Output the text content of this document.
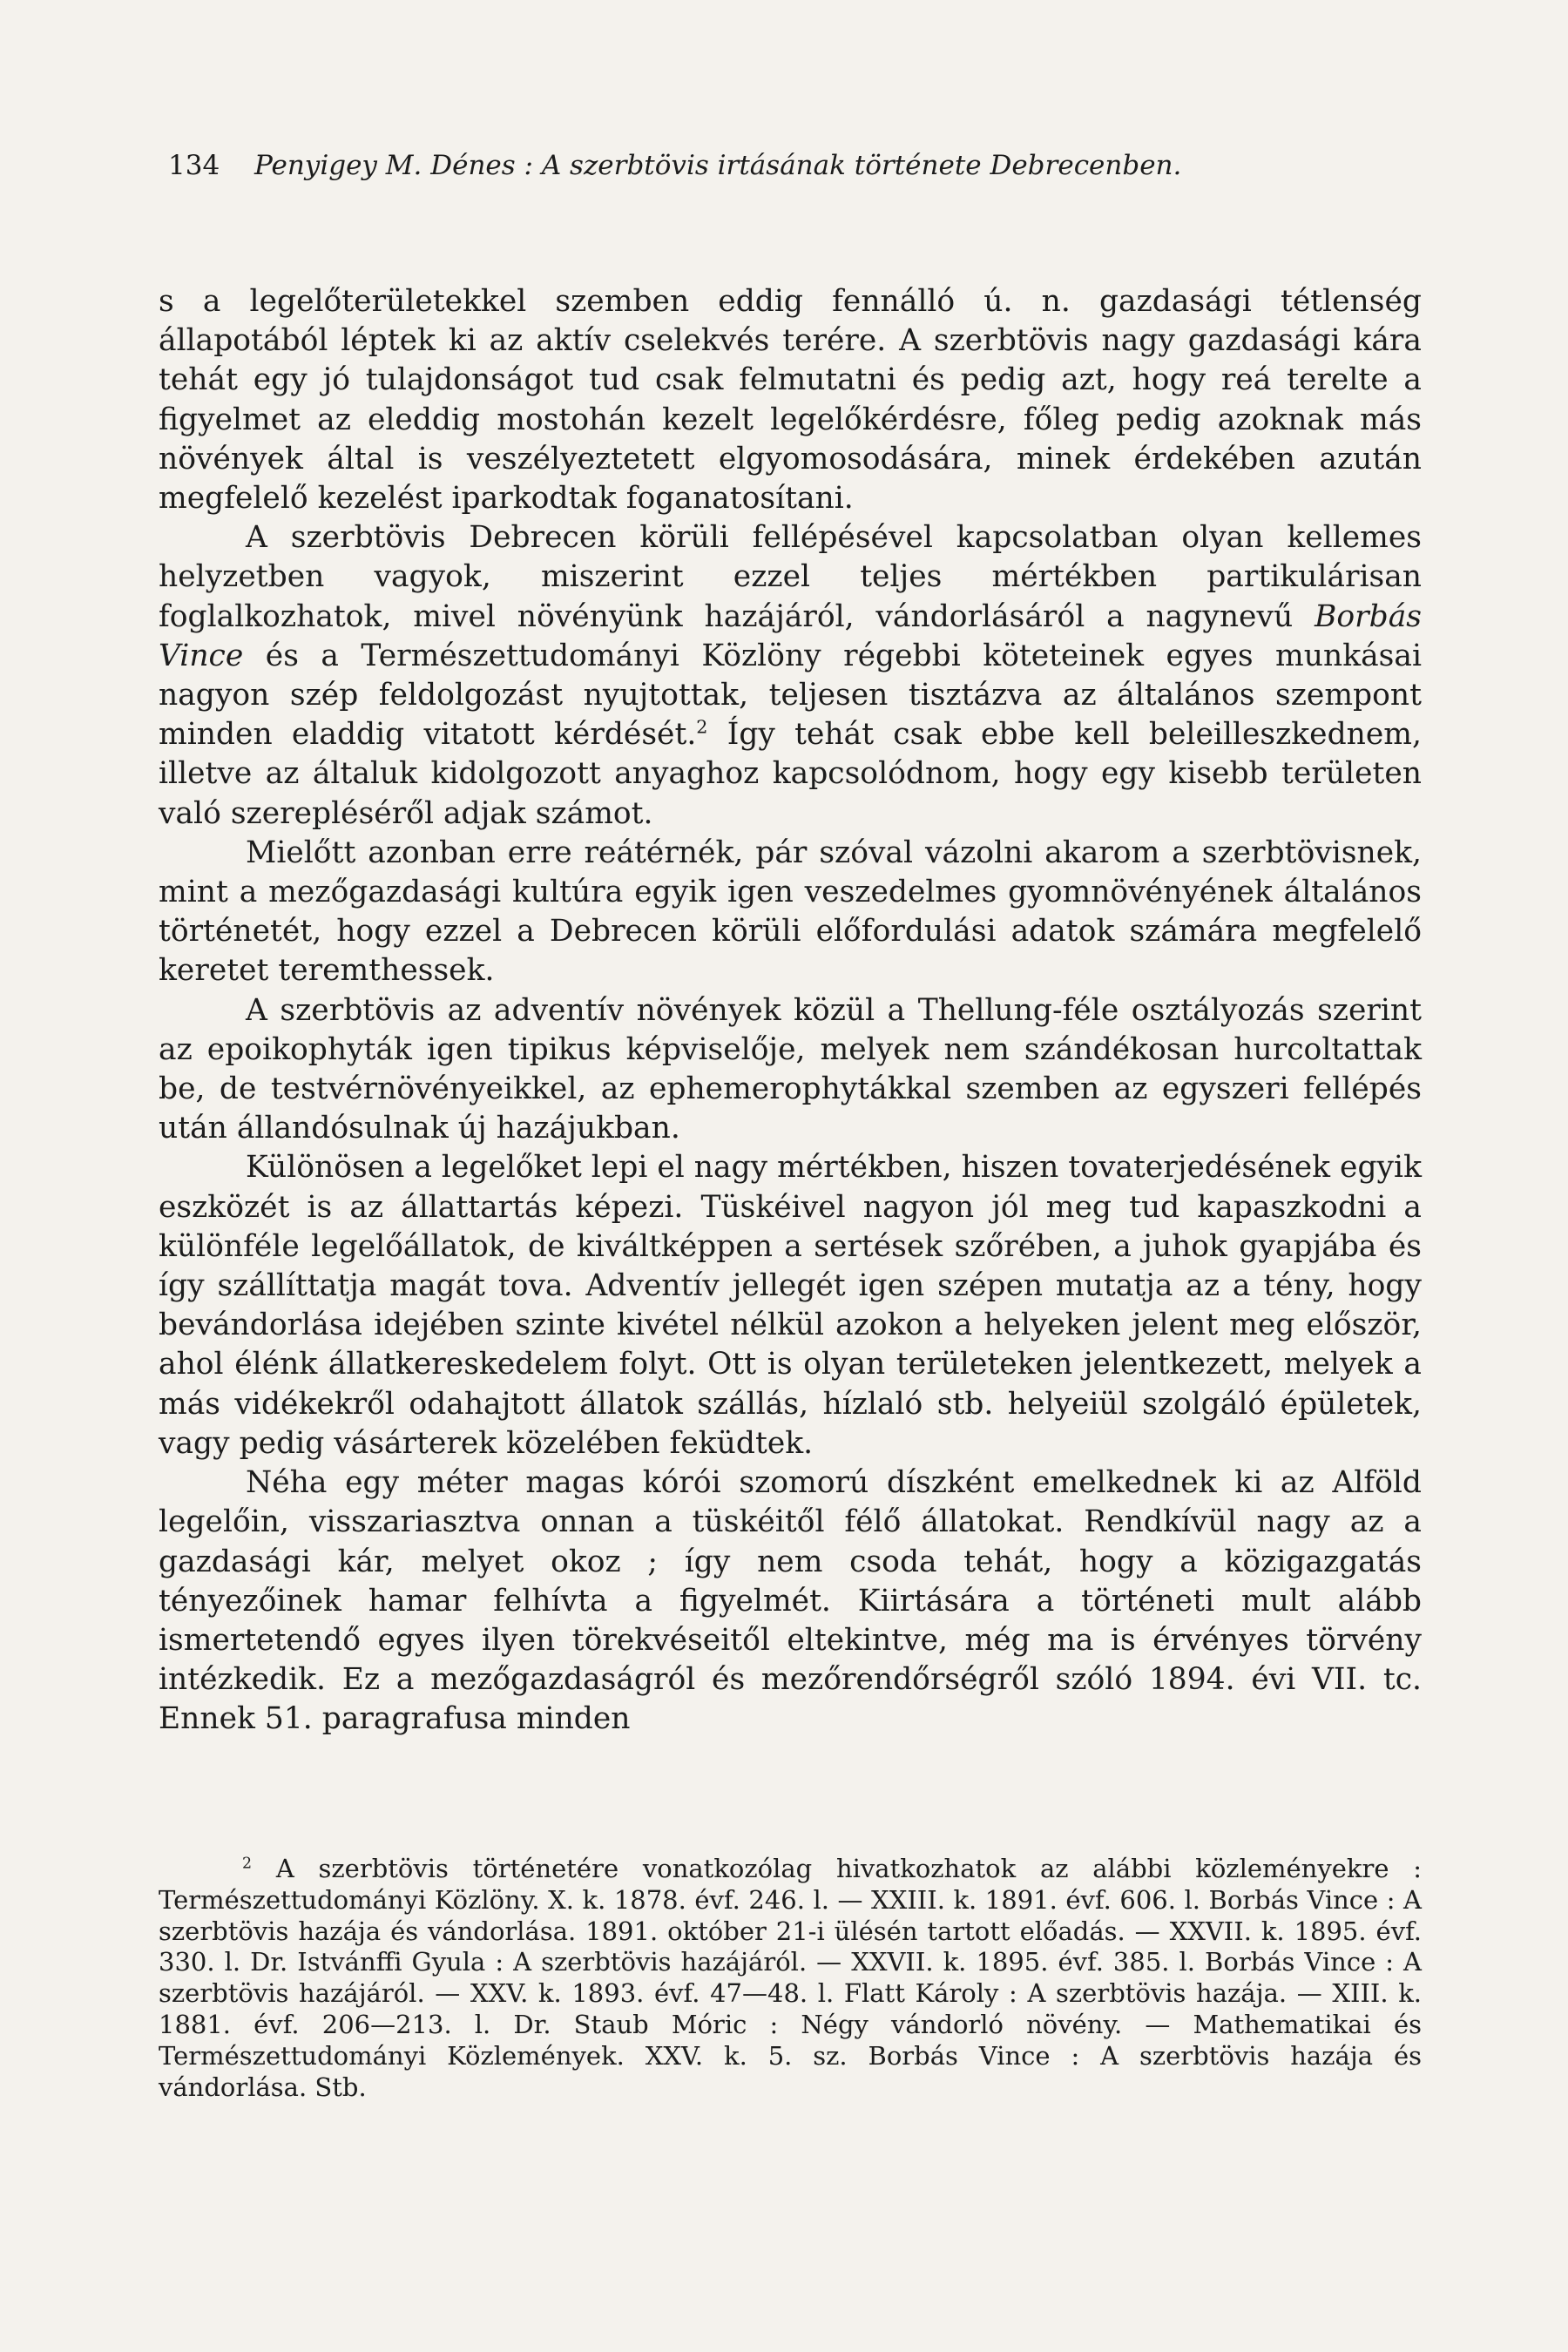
134 Penyigey M. Dénes : A szerbtövis irtásának története Debrecenben.

s a legelőterületekkel szemben eddig fennálló ú. n. gazdasági tétlenség állapotából léptek ki az aktív cselekvés terére. A szerbtövis nagy gazdasági kára tehát egy jó tulajdonságot tud csak felmutatni és pedig azt, hogy reá terelte a figyelmet az eleddig mostohán kezelt legelőkérdésre, főleg pedig azoknak más növények által is veszélyeztetett elgyomosodására, minek érdekében azután megfelelő kezelést iparkodtak foganatosítani.

A szerbtövis Debrecen körüli fellépésével kapcsolatban olyan kellemes helyzetben vagyok, miszerint ezzel teljes mértékben partikulárisan foglalkozhatok, mivel növényünk hazájáról, vándorlásáról a nagynevű Borbás Vince és a Természettudományi Közlöny régebbi köteteinek egyes munkásai nagyon szép feldolgozást nyujtottak, teljesen tisztázva az általános szempont minden eladdig vitatott kérdését.$^2$ Így tehát csak ebbe kell beleilleszkednem, illetve az általuk kidolgozott anyaghoz kapcsolódnom, hogy egy kisebb területen való szerepléséről adjak számot.

Mielőtt azonban erre reátérnék, pár szóval vázolni akarom a szerbtövisnek, mint a mezőgazdasági kultúra egyik igen veszedelmes gyomnövényének általános történetét, hogy ezzel a Debrecen körüli előfordulási adatok számára megfelelő keretet teremthessek.

A szerbtövis az adventív növények közül a Thellung-féle osztályozás szerint az epoikophyták igen tipikus képviselője, melyek nem szándékosan hurcoltattak be, de testvérnövényeikkel, az ephemerophytákkal szemben az egyszeri fellépés után állandósulnak új hazájukban.

Különösen a legelőket lepi el nagy mértékben, hiszen tovaterjedésének egyik eszközét is az állattartás képezi. Tüskéivel nagyon jól meg tud kapaszkodni a különféle legelőállatok, de kiváltképpen a sertések szőrében, a juhok gyapjába és így szállíttatja magát tova. Adventív jellegét igen szépen mutatja az a tény, hogy bevándorlása idejében szinte kivétel nélkül azokon a helyeken jelent meg először, ahol élénk állatkereskedelem folyt. Ott is olyan területeken jelentkezett, melyek a más vidékekről odahajtott állatok szállás, hízlaló stb. helyeiül szolgáló épületek, vagy pedig vásárterek közelében feküdtek.

Néha egy méter magas kórói szomorú díszként emelkednek ki az Alföld legelőin, visszariasztva onnan a tüskéitől félő állatokat. Rendkívül nagy az a gazdasági kár, melyet okoz ; így nem csoda tehát, hogy a közigazgatás tényezőinek hamar felhívta a figyelmét. Kiirtására a történeti mult alább ismertetendő egyes ilyen törekvéseitől eltekintve, még ma is érvényes törvény intézkedik. Ez a mezőgazdaságról és mezőrendőrségről szóló 1894. évi VII. tc. Ennek 51. paragrafusa minden

$^2$ A szerbtövis történetére vonatkozólag hivatkozhatok az alábbi közleményekre : Természettudományi Közlöny. X. k. 1878. évf. 246. l. — XXIII. k. 1891. évf. 606. l. Borbás Vince : A szerbtövis hazája és vándorlása. 1891. október 21-i ülésén tartott előadás. — XXVII. k. 1895. évf. 330. l. Dr. Istvánffi Gyula : A szerbtövis hazájáról. — XXVII. k. 1895. évf. 385. l. Borbás Vince : A szerbtövis hazájáról. — XXV. k. 1893. évf. 47—48. l. Flatt Károly : A szerbtövis hazája. — XIII. k. 1881. évf. 206—213. l. Dr. Staub Móric : Négy vándorló növény. — Mathematikai és Természettudományi Közlemények. XXV. k. 5. sz. Borbás Vince : A szerbtövis hazája és vándorlása. Stb.
